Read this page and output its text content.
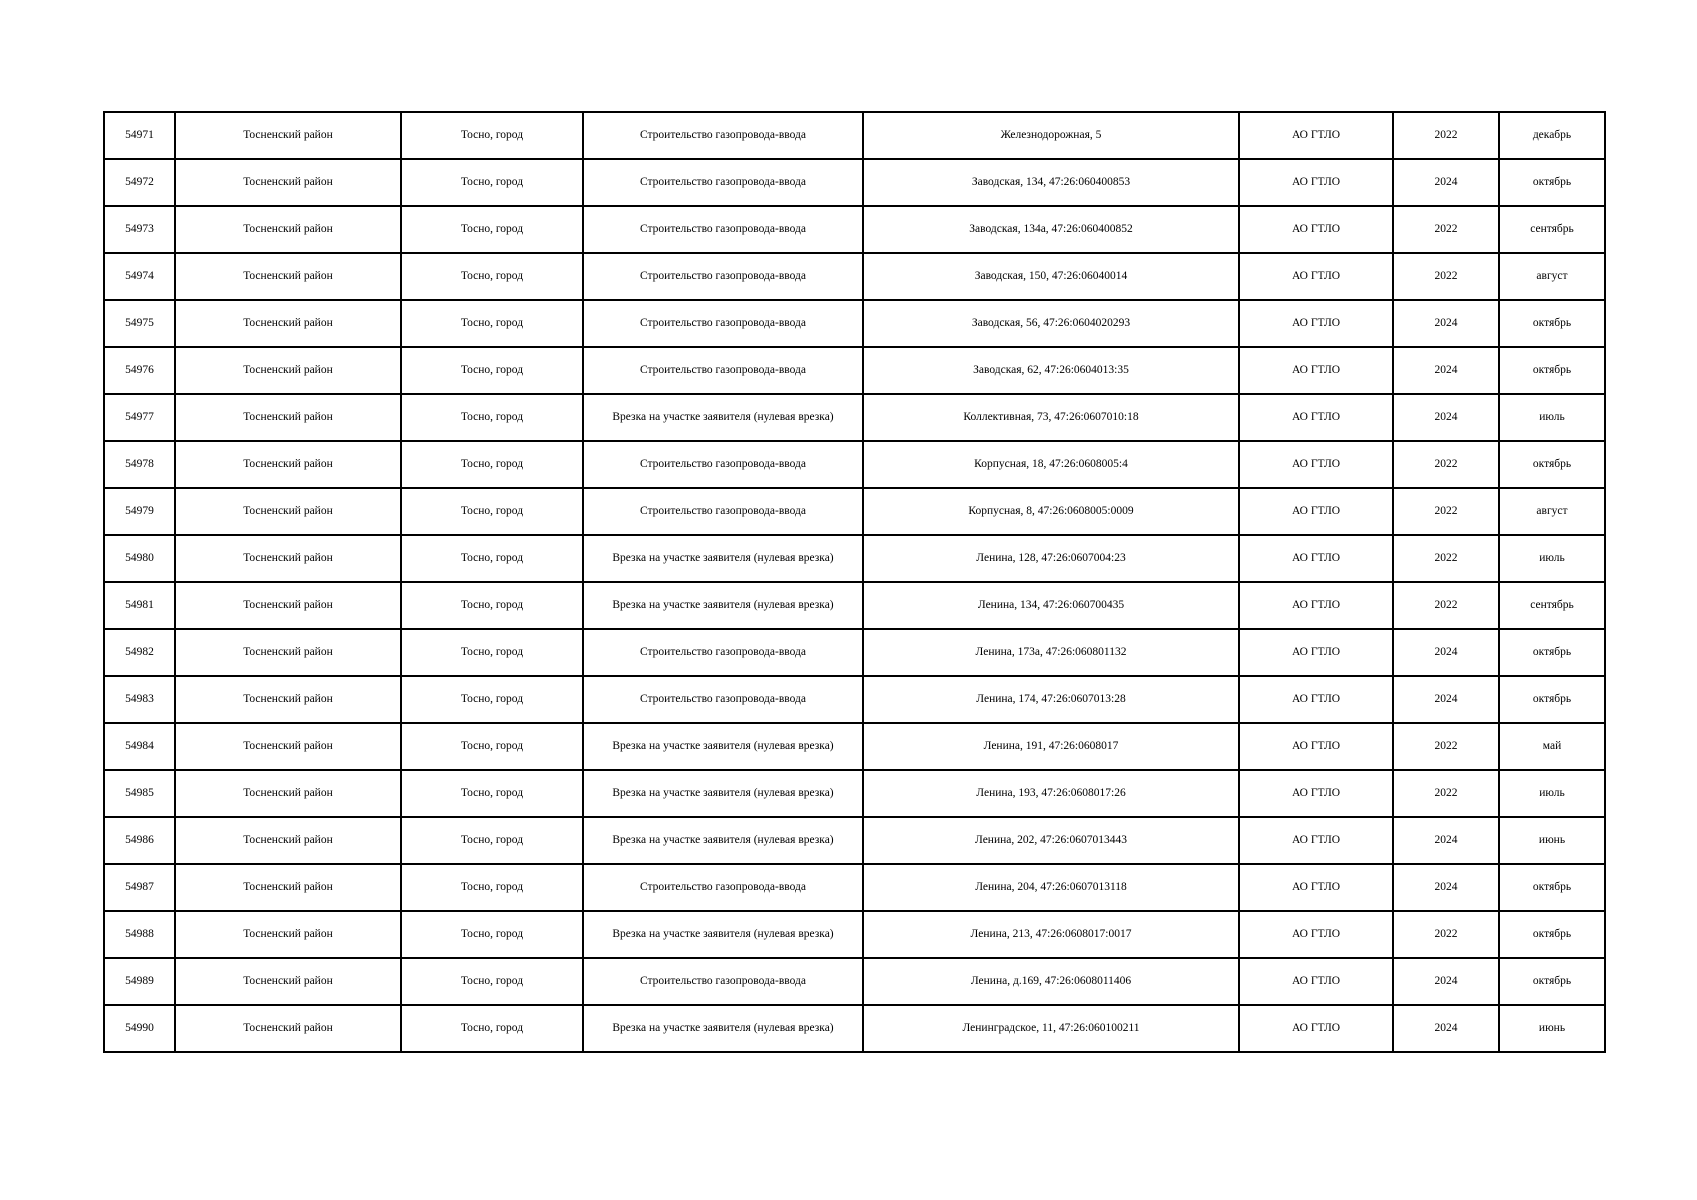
54971	Тосненский район	Тосно, город	Строительство газопровода-ввода	Железнодорожная, 5	АО ГТЛО	2022	декабрь
54972	Тосненский район	Тосно, город	Строительство газопровода-ввода	Заводская, 134, 47:26:060400853	АО ГТЛО	2024	октябрь
54973	Тосненский район	Тосно, город	Строительство газопровода-ввода	Заводская, 134а, 47:26:060400852	АО ГТЛО	2022	сентябрь
54974	Тосненский район	Тосно, город	Строительство газопровода-ввода	Заводская, 150, 47:26:06040014	АО ГТЛО	2022	август
54975	Тосненский район	Тосно, город	Строительство газопровода-ввода	Заводская, 56, 47:26:0604020293	АО ГТЛО	2024	октябрь
54976	Тосненский район	Тосно, город	Строительство газопровода-ввода	Заводская, 62, 47:26:0604013:35	АО ГТЛО	2024	октябрь
54977	Тосненский район	Тосно, город	Врезка на участке заявителя (нулевая врезка)	Коллективная, 73, 47:26:0607010:18	АО ГТЛО	2024	июль
54978	Тосненский район	Тосно, город	Строительство газопровода-ввода	Корпусная, 18, 47:26:0608005:4	АО ГТЛО	2022	октябрь
54979	Тосненский район	Тосно, город	Строительство газопровода-ввода	Корпусная, 8, 47:26:0608005:0009	АО ГТЛО	2022	август
54980	Тосненский район	Тосно, город	Врезка на участке заявителя (нулевая врезка)	Ленина, 128, 47:26:0607004:23	АО ГТЛО	2022	июль
54981	Тосненский район	Тосно, город	Врезка на участке заявителя (нулевая врезка)	Ленина, 134, 47:26:060700435	АО ГТЛО	2022	сентябрь
54982	Тосненский район	Тосно, город	Строительство газопровода-ввода	Ленина, 173а, 47:26:060801132	АО ГТЛО	2024	октябрь
54983	Тосненский район	Тосно, город	Строительство газопровода-ввода	Ленина, 174, 47:26:0607013:28	АО ГТЛО	2024	октябрь
54984	Тосненский район	Тосно, город	Врезка на участке заявителя (нулевая врезка)	Ленина, 191, 47:26:0608017	АО ГТЛО	2022	май
54985	Тосненский район	Тосно, город	Врезка на участке заявителя (нулевая врезка)	Ленина, 193, 47:26:0608017:26	АО ГТЛО	2022	июль
54986	Тосненский район	Тосно, город	Врезка на участке заявителя (нулевая врезка)	Ленина, 202, 47:26:0607013443	АО ГТЛО	2024	июнь
54987	Тосненский район	Тосно, город	Строительство газопровода-ввода	Ленина, 204, 47:26:0607013118	АО ГТЛО	2024	октябрь
54988	Тосненский район	Тосно, город	Врезка на участке заявителя (нулевая врезка)	Ленина, 213, 47:26:0608017:0017	АО ГТЛО	2022	октябрь
54989	Тосненский район	Тосно, город	Строительство газопровода-ввода	Ленина, д.169, 47:26:0608011406	АО ГТЛО	2024	октябрь
54990	Тосненский район	Тосно, город	Врезка на участке заявителя (нулевая врезка)	Ленинградское, 11, 47:26:060100211	АО ГТЛО	2024	июнь
